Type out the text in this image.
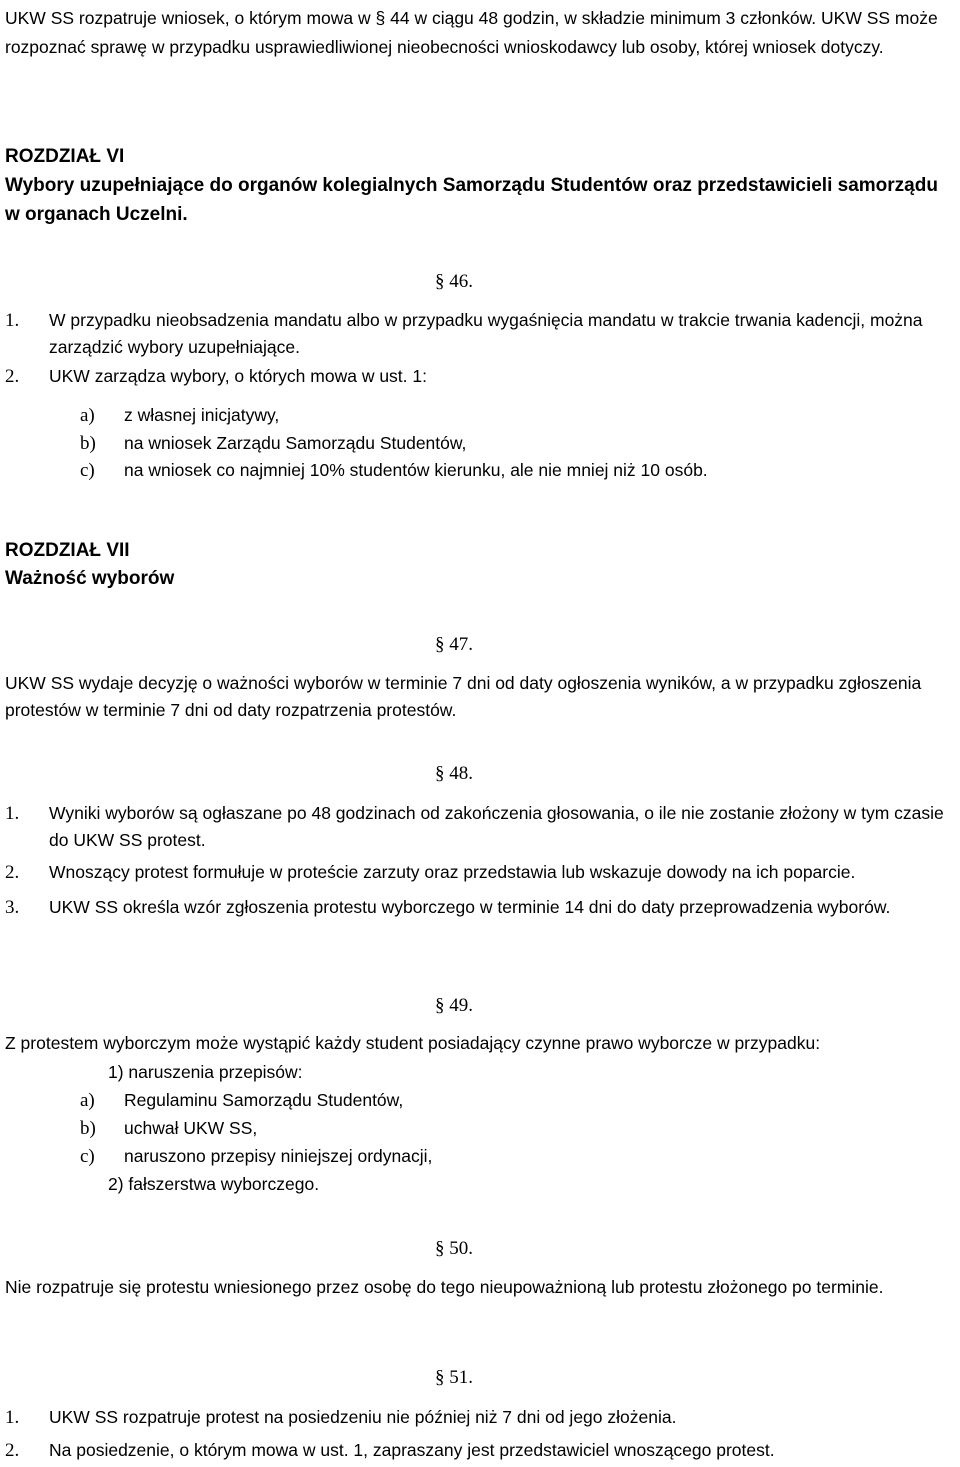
UKW SS rozpatruje wniosek, o którym mowa w § 44 w ciągu 48 godzin, w składzie minimum 3 członków. UKW SS może rozpoznać sprawę w przypadku usprawiedliwionej nieobecności wnioskodawcy lub osoby, której wniosek dotyczy.

ROZDZIAŁ VI
Wybory uzupełniające do organów kolegialnych Samorządu Studentów oraz przedstawicieli samorządu w organach Uczelni.
§ 46.
1. W przypadku nieobsadzenia mandatu albo w przypadku wygaśnięcia mandatu w trakcie trwania kadencji, można zarządzić wybory uzupełniające.
2. UKW zarządza wybory, o których mowa w ust. 1:
a) z własnej inicjatywy,
b) na wniosek Zarządu Samorządu Studentów,
c) na wniosek co najmniej 10% studentów kierunku, ale nie mniej niż 10 osób.
ROZDZIAŁ VII
Ważność wyborów
§ 47.

UKW SS wydaje decyzję o ważności wyborów w terminie 7 dni od daty ogłoszenia wyników, a w przypadku zgłoszenia protestów w terminie 7 dni od daty rozpatrzenia protestów.

§ 48.
1. Wyniki wyborów są ogłaszane po 48 godzinach od zakończenia głosowania, o ile nie zostanie złożony w tym czasie do UKW SS protest.
2. Wnoszący protest formułuje w proteście zarzuty oraz przedstawia lub wskazuje dowody na ich poparcie.
3. UKW SS określa wzór zgłoszenia protestu wyborczego w terminie 14 dni do daty przeprowadzenia wyborów.
§ 49.

Z protestem wyborczym może wystąpić każdy student posiadający czynne prawo wyborcze w przypadku:

1) naruszenia przepisów:
a) Regulaminu Samorządu Studentów,
b) uchwał UKW SS,
c) naruszono przepisy niniejszej ordynacji,
2) fałszerstwa wyborczego.
§ 50.

Nie rozpatruje się protestu wniesionego przez osobę do tego nieupoważnioną lub protestu złożonego po terminie.

§ 51.
1. UKW SS rozpatruje protest na posiedzeniu nie później niż 7 dni od jego złożenia.
2. Na posiedzenie, o którym mowa w ust. 1, zapraszany jest przedstawiciel wnoszącego protest.
